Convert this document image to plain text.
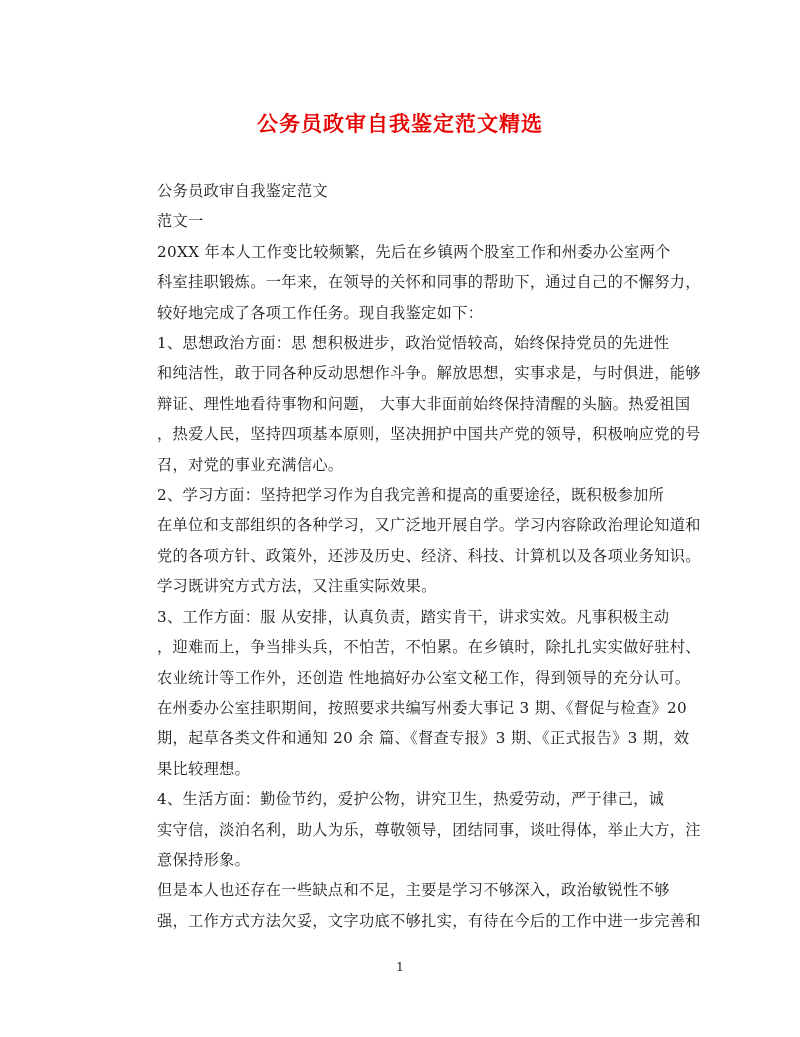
公务员政审自我鉴定范文精选

公务员政审自我鉴定范文

范文一

20XX 年本人工作变比较频繁，先后在乡镇两个股室工作和州委办公室两个
科室挂职锻炼。一年来，在领导的关怀和同事的帮助下，通过自己的不懈努力，
较好地完成了各项工作任务。现自我鉴定如下：

1、思想政治方面：思 想积极进步，政治觉悟较高，始终保持党员的先进性
和纯洁性，敢于同各种反动思想作斗争。解放思想，实事求是，与时俱进，能够
辩证、理性地看待事物和问题， 大事大非面前始终保持清醒的头脑。热爱祖国
，热爱人民，坚持四项基本原则，坚决拥护中国共产党的领导，积极响应党的号
召，对党的事业充满信心。

2、学习方面：坚持把学习作为自我完善和提高的重要途径，既积极参加所
在单位和支部组织的各种学习，又广泛地开展自学。学习内容除政治理论知道和
党的各项方针、政策外，还涉及历史、经济、科技、计算机以及各项业务知识。
学习既讲究方式方法，又注重实际效果。

3、工作方面：服 从安排，认真负责，踏实肯干，讲求实效。凡事积极主动
，迎难而上，争当排头兵，不怕苦，不怕累。在乡镇时，除扎扎实实做好驻村、
农业统计等工作外，还创造 性地搞好办公室文秘工作，得到领导的充分认可。
在州委办公室挂职期间，按照要求共编写州委大事记 3 期、《督促与检查》20
期，起草各类文件和通知 20 余 篇、《督查专报》3 期、《正式报告》3 期，效
果比较理想。

4、生活方面：勤俭节约，爱护公物，讲究卫生，热爱劳动，严于律己，诚
实守信，淡泊名利，助人为乐，尊敬领导，团结同事，谈吐得体，举止大方，注
意保持形象。

但是本人也还存在一些缺点和不足，主要是学习不够深入，政治敏锐性不够
强，工作方式方法欠妥，文字功底不够扎实，有待在今后的工作中进一步完善和

1
